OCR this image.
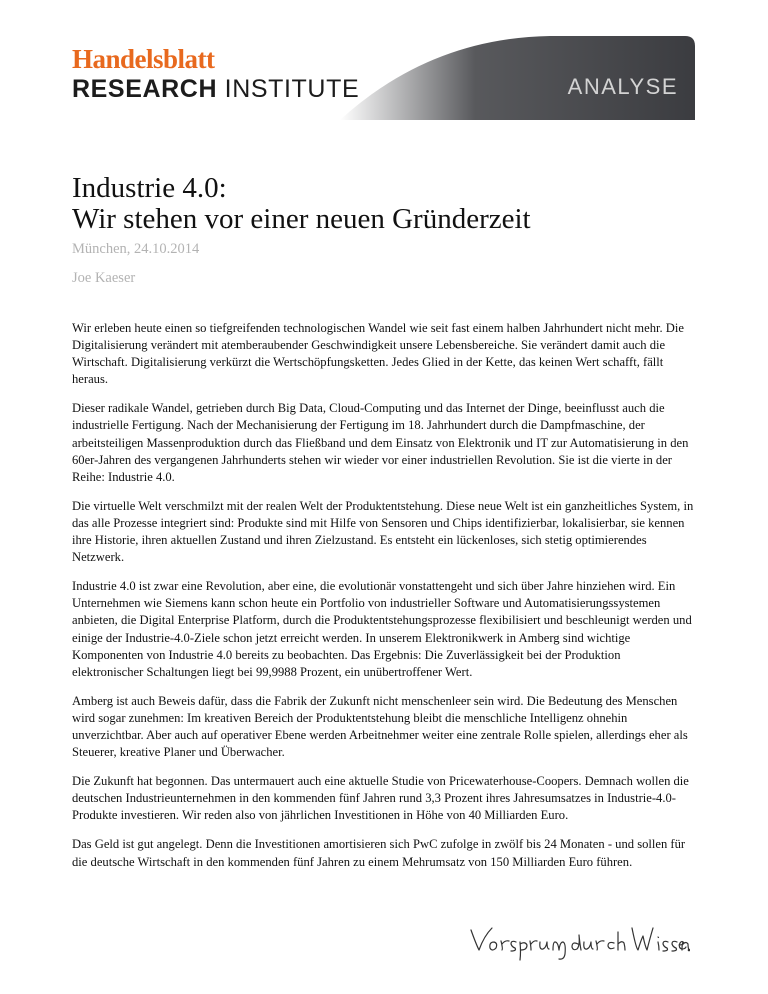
Handelsblatt
RESEARCH INSTITUTE	ANALYSE
Industrie 4.0:
Wir stehen vor einer neuen Gründerzeit
München, 24.10.2014
Joe Kaeser

Wir erleben heute einen so tiefgreifenden technologischen Wandel wie seit fast einem halben Jahrhundert nicht mehr. Die Digitalisierung verändert mit atemberaubender Geschwindigkeit unsere Lebensbereiche. Sie verändert damit auch die Wirtschaft. Digitalisierung verkürzt die Wertschöpfungsketten. Jedes Glied in der Kette, das keinen Wert schafft, fällt heraus.

Dieser radikale Wandel, getrieben durch Big Data, Cloud-Computing und das Internet der Dinge, beeinflusst auch die industrielle Fertigung. Nach der Mechanisierung der Fertigung im 18. Jahrhundert durch die Dampfmaschine, der arbeitsteiligen Massenproduktion durch das Fließband und dem Einsatz von Elektronik und IT zur Automatisierung in den 60er-Jahren des vergangenen Jahrhunderts stehen wir wieder vor einer industriellen Revolution. Sie ist die vierte in der Reihe: Industrie 4.0.

Die virtuelle Welt verschmilzt mit der realen Welt der Produktentstehung. Diese neue Welt ist ein ganzheitliches System, in das alle Prozesse integriert sind: Produkte sind mit Hilfe von Sensoren und Chips identifizierbar, lokalisierbar, sie kennen ihre Historie, ihren aktuellen Zustand und ihren Zielzustand. Es entsteht ein lückenloses, sich stetig optimierendes Netzwerk.

Industrie 4.0 ist zwar eine Revolution, aber eine, die evolutionär vonstattengeht und sich über Jahre hinziehen wird. Ein Unternehmen wie Siemens kann schon heute ein Portfolio von industrieller Software und Automatisierungssystemen anbieten, die Digital Enterprise Platform, durch die Produktentstehungsprozesse flexibilisiert und beschleunigt werden und einige der Industrie-4.0-Ziele schon jetzt erreicht werden. In unserem Elektronikwerk in Amberg sind wichtige Komponenten von Industrie 4.0 bereits zu beobachten. Das Ergebnis: Die Zuverlässigkeit bei der Produktion elektronischer Schaltungen liegt bei 99,9988 Prozent, ein unübertroffener Wert.

Amberg ist auch Beweis dafür, dass die Fabrik der Zukunft nicht menschenleer sein wird. Die Bedeutung des Menschen wird sogar zunehmen: Im kreativen Bereich der Produktentstehung bleibt die menschliche Intelligenz ohnehin unverzichtbar. Aber auch auf operativer Ebene werden Arbeitnehmer weiter eine zentrale Rolle spielen, allerdings eher als Steuerer, kreative Planer und Überwacher.

Die Zukunft hat begonnen. Das untermauert auch eine aktuelle Studie von Pricewaterhouse-Coopers. Demnach wollen die deutschen Industrieunternehmen in den kommenden fünf Jahren rund 3,3 Prozent ihres Jahresumsatzes in Industrie-4.0-Produkte investieren. Wir reden also von jährlichen Investitionen in Höhe von 40 Milliarden Euro.

Das Geld ist gut angelegt. Denn die Investitionen amortisieren sich PwC zufolge in zwölf bis 24 Monaten - und sollen für die deutsche Wirtschaft in den kommenden fünf Jahren zu einem Mehrumsatz von 150 Milliarden Euro führen.
